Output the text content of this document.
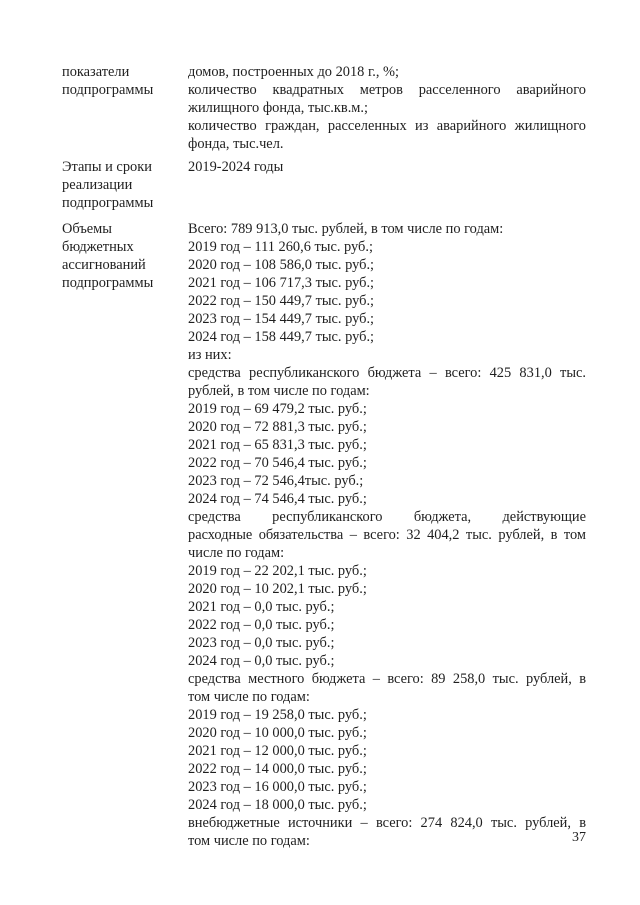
показатели
подпрограммы
домов, построенных до 2018 г., %;
количество квадратных метров расселенного аварийного
жилищного фонда, тыс.кв.м.;
количество граждан, расселенных из аварийного жилищного
фонда, тыс.чел.
Этапы и сроки
реализации
подпрограммы
2019-2024 годы
Объемы
бюджетных
ассигнований
подпрограммы
Всего: 789 913,0 тыс. рублей, в том числе по годам:
2019 год – 111 260,6 тыс. руб.;
2020 год – 108 586,0 тыс. руб.;
2021 год – 106 717,3 тыс. руб.;
2022 год – 150 449,7 тыс. руб.;
2023 год – 154 449,7 тыс. руб.;
2024 год – 158 449,7 тыс. руб.;
из них:
средства республиканского бюджета – всего: 425 831,0 тыс.
рублей, в том числе по годам:
2019 год – 69 479,2 тыс. руб.;
2020 год – 72 881,3 тыс. руб.;
2021 год – 65 831,3 тыс. руб.;
2022 год – 70 546,4 тыс. руб.;
2023 год – 72 546,4тыс. руб.;
2024 год – 74 546,4 тыс. руб.;
средства республиканского бюджета, действующие
расходные обязательства – всего: 32 404,2 тыс. рублей, в том
числе по годам:
2019 год – 22 202,1 тыс. руб.;
2020 год – 10 202,1 тыс. руб.;
2021 год – 0,0 тыс. руб.;
2022 год – 0,0 тыс. руб.;
2023 год – 0,0 тыс. руб.;
2024 год – 0,0 тыс. руб.;
средства местного бюджета – всего: 89 258,0 тыс. рублей, в
том числе по годам:
2019 год – 19 258,0 тыс. руб.;
2020 год – 10 000,0 тыс. руб.;
2021 год – 12 000,0 тыс. руб.;
2022 год – 14 000,0 тыс. руб.;
2023 год – 16 000,0 тыс. руб.;
2024 год – 18 000,0 тыс. руб.;
внебюджетные источники – всего: 274 824,0 тыс. рублей, в
том числе по годам:	37
